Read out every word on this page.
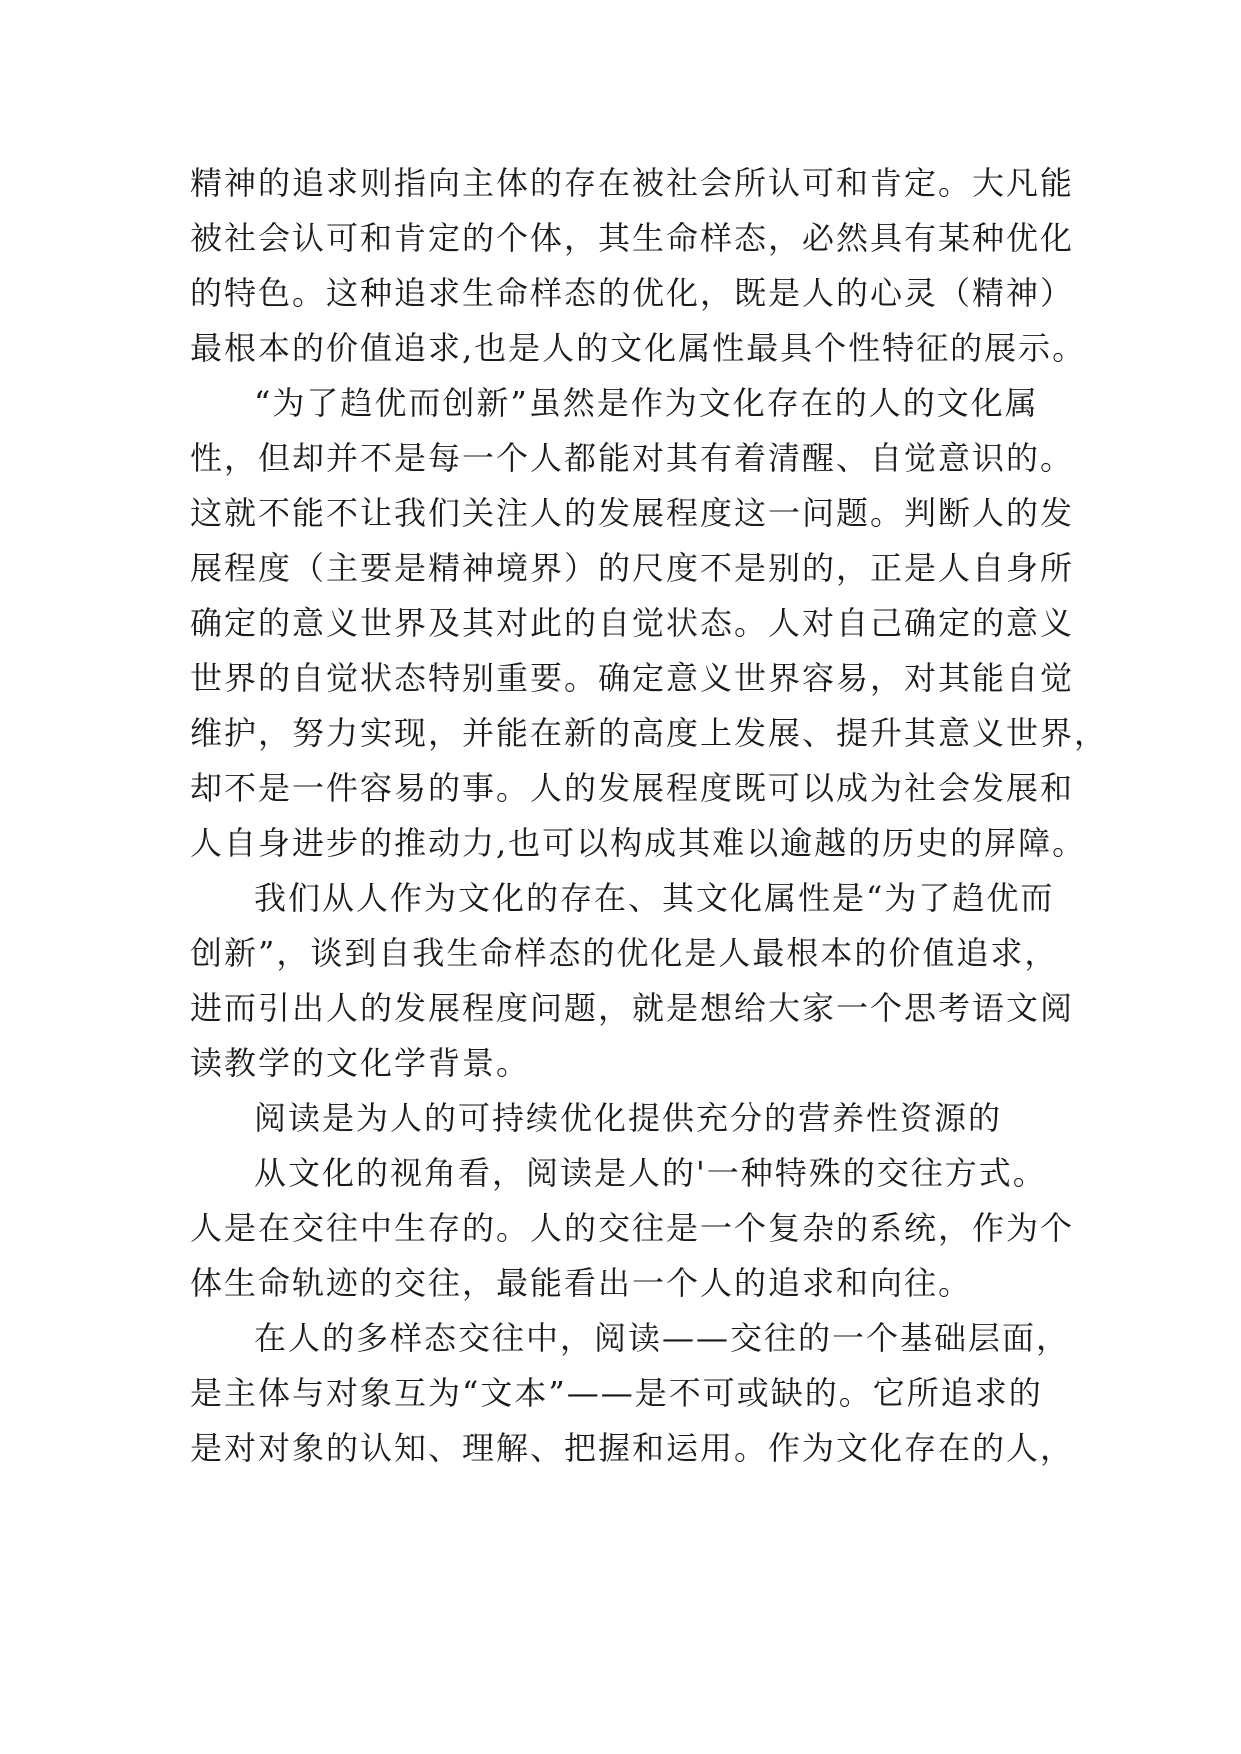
精神的追求则指向主体的存在被社会所认可和肯定。大凡能
被社会认可和肯定的个体，其生命样态，必然具有某种优化
的特色。这种追求生命样态的优化，既是人的心灵（精神）
最根本的价值追求,也是人的文化属性最具个性特征的展示。
“为了趋优而创新”虽然是作为文化存在的人的文化属
性，但却并不是每一个人都能对其有着清醒、自觉意识的。
这就不能不让我们关注人的发展程度这一问题。判断人的发
展程度（主要是精神境界）的尺度不是别的，正是人自身所
确定的意义世界及其对此的自觉状态。人对自己确定的意义
世界的自觉状态特别重要。确定意义世界容易，对其能自觉
维护，努力实现，并能在新的高度上发展、提升其意义世界，
却不是一件容易的事。人的发展程度既可以成为社会发展和
人自身进步的推动力,也可以构成其难以逾越的历史的屏障。
我们从人作为文化的存在、其文化属性是“为了趋优而
创新”，谈到自我生命样态的优化是人最根本的价值追求，
进而引出人的发展程度问题，就是想给大家一个思考语文阅
读教学的文化学背景。
阅读是为人的可持续优化提供充分的营养性资源的
从文化的视角看，阅读是人的'一种特殊的交往方式。
人是在交往中生存的。人的交往是一个复杂的系统，作为个
体生命轨迹的交往，最能看出一个人的追求和向往。
在人的多样态交往中，阅读——交往的一个基础层面，
是主体与对象互为“文本”——是不可或缺的。它所追求的
是对对象的认知、理解、把握和运用。作为文化存在的人，
